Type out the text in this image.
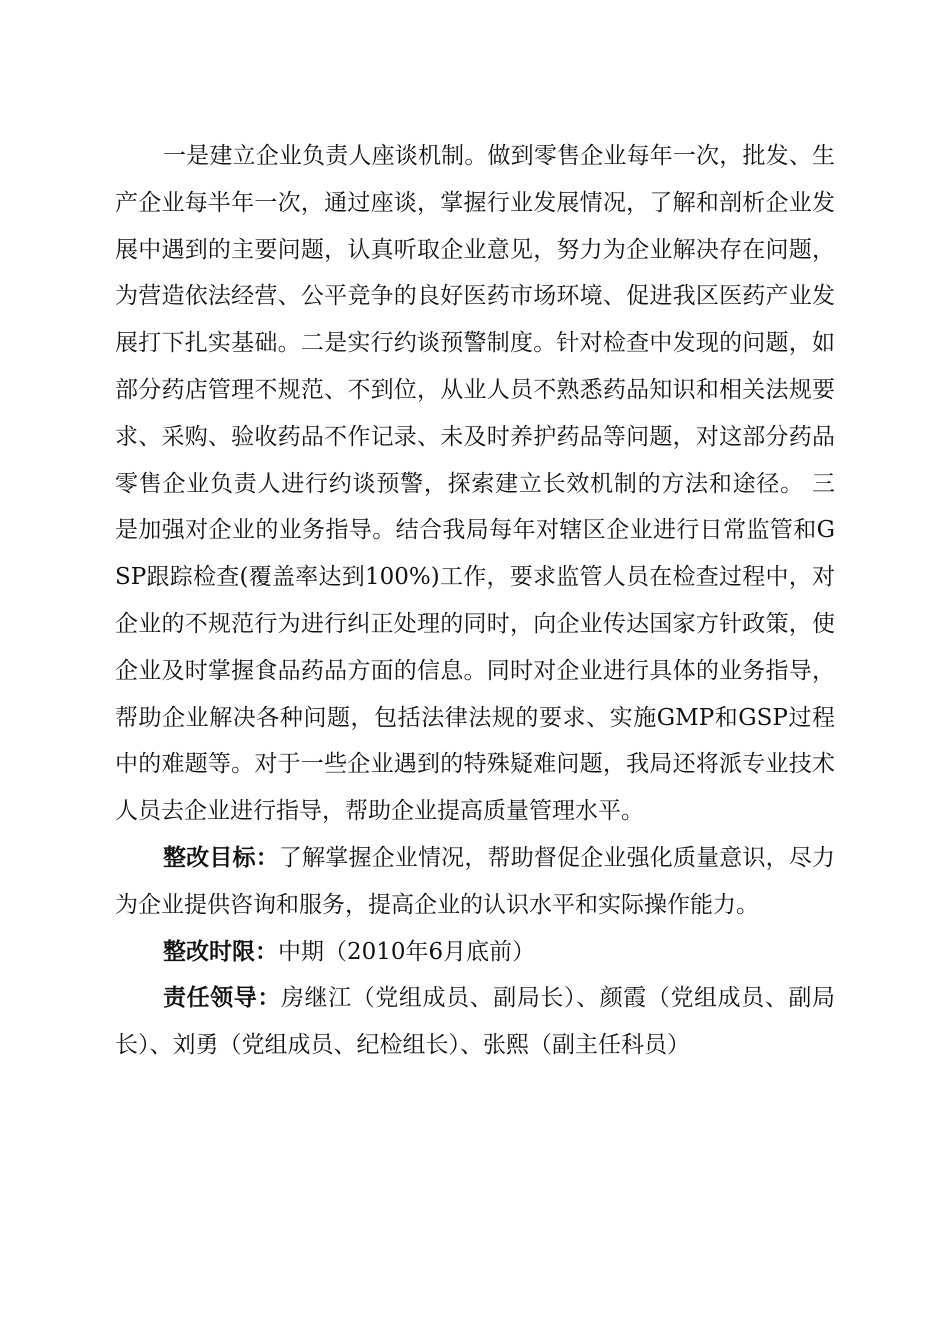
一是建立企业负责人座谈机制。做到零售企业每年一次，批发、生产企业每半年一次，通过座谈，掌握行业发展情况，了解和剖析企业发展中遇到的主要问题，认真听取企业意见，努力为企业解决存在问题，为营造依法经营、公平竞争的良好医药市场环境、促进我区医药产业发展打下扎实基础。二是实行约谈预警制度。针对检查中发现的问题，如部分药店管理不规范、不到位，从业人员不熟悉药品知识和相关法规要求、采购、验收药品不作记录、未及时养护药品等问题，对这部分药品零售企业负责人进行约谈预警，探索建立长效机制的方法和途径。 三是加强对企业的业务指导。结合我局每年对辖区企业进行日常监管和GSP跟踪检查(覆盖率达到100%)工作，要求监管人员在检查过程中，对企业的不规范行为进行纠正处理的同时，向企业传达国家方针政策，使企业及时掌握食品药品方面的信息。同时对企业进行具体的业务指导，帮助企业解决各种问题，包括法律法规的要求、实施GMP和GSP过程中的难题等。对于一些企业遇到的特殊疑难问题，我局还将派专业技术人员去企业进行指导，帮助企业提高质量管理水平。

整改目标：了解掌握企业情况，帮助督促企业强化质量意识，尽力为企业提供咨询和服务，提高企业的认识水平和实际操作能力。

整改时限：中期（2010年6月底前）

责任领导：房继江（党组成员、副局长）、颜霞（党组成员、副局长）、刘勇（党组成员、纪检组长）、张熙（副主任科员）
